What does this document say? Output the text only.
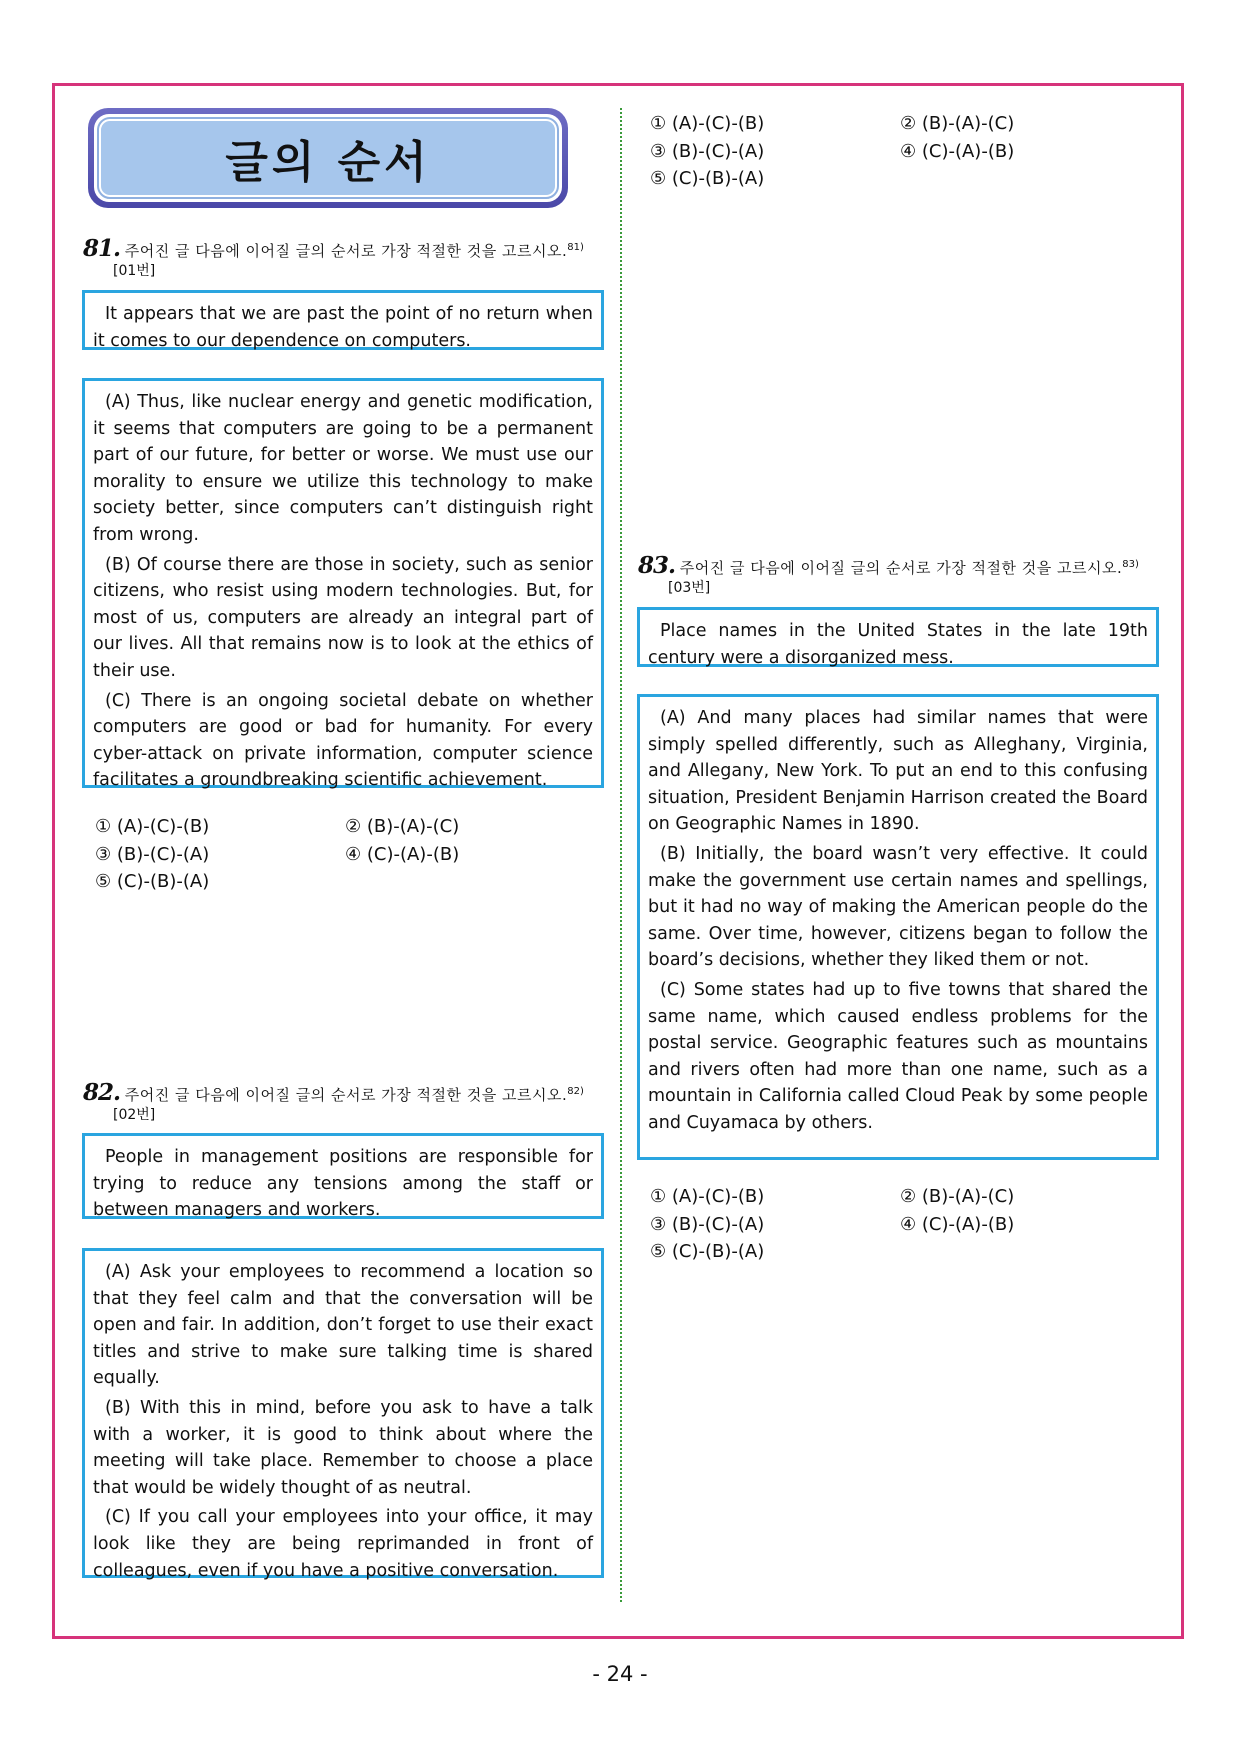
글의 순서
81. 주어진 글 다음에 이어질 글의 순서로 가장 적절한 것을 고르시오.$^{81)}$
[01번]

It appears that we are past the point of no return when it comes to our dependence on computers.

(A) Thus, like nuclear energy and genetic modification, it seems that computers are going to be a permanent part of our future, for better or worse. We must use our morality to ensure we utilize this technology to make society better, since computers can’t distinguish right from wrong.

(B) Of course there are those in society, such as senior citizens, who resist using modern technologies. But, for most of us, computers are already an integral part of our lives. All that remains now is to look at the ethics of their use.

(C) There is an ongoing societal debate on whether computers are good or bad for humanity. For every cyber-attack on private information, computer science facilitates a groundbreaking scientific achievement.

① (A)-(C)-(B)	② (B)-(A)-(C)
③ (B)-(C)-(A)	④ (C)-(A)-(B)
⑤ (C)-(B)-(A)
82. 주어진 글 다음에 이어질 글의 순서로 가장 적절한 것을 고르시오.$^{82)}$
[02번]

People in management positions are responsible for trying to reduce any tensions among the staff or between managers and workers.

(A) Ask your employees to recommend a location so that they feel calm and that the conversation will be open and fair. In addition, don’t forget to use their exact titles and strive to make sure talking time is shared equally.

(B) With this in mind, before you ask to have a talk with a worker, it is good to think about where the meeting will take place. Remember to choose a place that would be widely thought of as neutral.

(C) If you call your employees into your office, it may look like they are being reprimanded in front of colleagues, even if you have a positive conversation.

① (A)-(C)-(B)	② (B)-(A)-(C)
③ (B)-(C)-(A)	④ (C)-(A)-(B)
⑤ (C)-(B)-(A)
83. 주어진 글 다음에 이어질 글의 순서로 가장 적절한 것을 고르시오.$^{83)}$
[03번]

Place names in the United States in the late 19th century were a disorganized mess.

(A) And many places had similar names that were simply spelled differently, such as Alleghany, Virginia, and Allegany, New York. To put an end to this confusing situation, President Benjamin Harrison created the Board on Geographic Names in 1890.

(B) Initially, the board wasn’t very effective. It could make the government use certain names and spellings, but it had no way of making the American people do the same. Over time, however, citizens began to follow the board’s decisions, whether they liked them or not.

(C) Some states had up to five towns that shared the same name, which caused endless problems for the postal service. Geographic features such as mountains and rivers often had more than one name, such as a mountain in California called Cloud Peak by some people and Cuyamaca by others.

① (A)-(C)-(B)	② (B)-(A)-(C)
③ (B)-(C)-(A)	④ (C)-(A)-(B)
⑤ (C)-(B)-(A)
- 24 -
